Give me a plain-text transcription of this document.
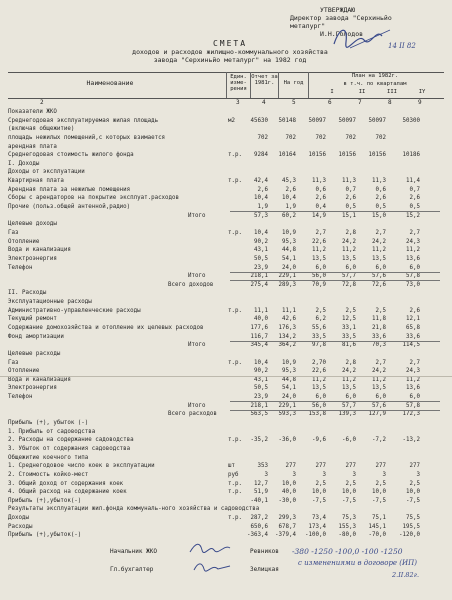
УТВЕРЖДАЮ
Директор завода "Серхиньйо
металург"
И.Н.Голодов
14 II 82
СМЕТА
доходов и расходов жилищно-коммунального хозяйства
завода "Серхиньйо металург" на 1982 год
Наименование
Един. изме-рения
Отчет за 1981г.	На год
План на 1982г.
в т.ч. по кварталам
I	II	III	IY
2	3	4	5	6	7	8	9
Показатели ЖКО
Среднегодовая эксплуатируемая жилая площадь	м2	45630	50148	50097	50097	50097	50300
(включая общежитие)
площадь нежилых помещений,с которых взимается	702	702	702	702	702
арендная плата
Среднегодовая стоимость жилого фонда	т.р.	9284	10164	10156	10156	10156	10186
I. Доходы
Доходы от эксплуатации
Квартирная плата	т.р.	42,4	45,3	11,3	11,3	11,3	11,4
Арендная плата за нежилые помещения	2,6	2,6	0,6	0,7	0,6	0,7
Сборы с арендаторов на покрытие эксплуат.расходов	10,4	10,4	2,6	2,6	2,6	2,6
Прочие (польз.общей антенной,радио)	1,9	1,9	0,4	0,5	0,5	0,5
Итого	57,3	60,2	14,9	15,1	15,0	15,2
Целевые доходы
Газ	т.р.	10,4	10,9	2,7	2,8	2,7	2,7
Отопление	90,2	95,3	22,6	24,2	24,2	24,3
Вода и канализация	43,1	44,8	11,2	11,2	11,2	11,2
Электроэнергия	50,5	54,1	13,5	13,5	13,5	13,6
Телефон	23,9	24,0	6,0	6,0	6,0	6,0
Итого	218,1	229,1	56,0	57,7	57,6	57,8
Всего доходов	275,4	289,3	70,9	72,8	72,6	73,0
II. Расходы
Эксплуатационные расходы
Административно-управленческие расходы	т.р.	11,1	11,1	2,5	2,5	2,5	2,6
Текущий ремонт	40,0	42,6	6,2	12,5	11,8	12,1
Содержание домохозяйства и отопление их целевых расходов	177,6	176,3	55,6	33,1	21,8	65,8
Фонд амортизации	116,7	134,2	33,5	33,5	33,6	33,6
Итого	345,4	364,2	97,8	81,6	70,3	114,5
Целевые расходы
Газ	т.р.	10,4	10,9	2,70	2,8	2,7	2,7
Отопление	90,2	95,3	22,6	24,2	24,2	24,3
Вода и канализация	43,1	44,8	11,2	11,2	11,2	11,2
Электроэнергия	50,5	54,1	13,5	13,5	13,5	13,6
Телефон	23,9	24,0	6,0	6,0	6,0	6,0
Итого	218,1	229,1	56,0	57,7	57,6	57,8
Всего расходов	563,5	593,3	153,8	139,3	127,9	172,3
Прибыль (+), убыток (-)
1. Прибыль от садоводства
2. Расходы на содержание садоводства	т.р.	-35,2	-36,0	-9,6	-6,0	-7,2	-13,2
3. Убыток от содержания садоводства
Общежитие коечного типа
1. Среднегодовое число коек в эксплуатации	шт	353	277	277	277	277	277
2. Стоимость койко-мест	руб	3	3	3	3	3	3
3. Общий доход от содержания коек	т.р.	12,7	10,0	2,5	2,5	2,5	2,5
4. Общий расход на содержание коек	т.р.	51,9	40,0	10,0	10,0	10,0	10,0
Прибыль (+),убыток(-)	-40,1	-30,0	-7,5	-7,5	-7,5	-7,5
Результаты эксплуатации жил.фонда коммуналь-ного хозяйства и садоводства
Доходы	т.р.	287,2	299,3	73,4	75,3	75,1	75,5
Расходы	650,6	678,7	173,4	155,3	145,1	195,5
Прибыль (+),убыток(-)	-363,4	-379,4	-100,0	-80,0	-70,0	-120,0
Начальник ЖКО	Ревников
Гл.бухгалтер	Зелицкая
-380 -1250 -100,0 -100 -1250
с изменениями в договоре (ИП)
2.II.82г.
